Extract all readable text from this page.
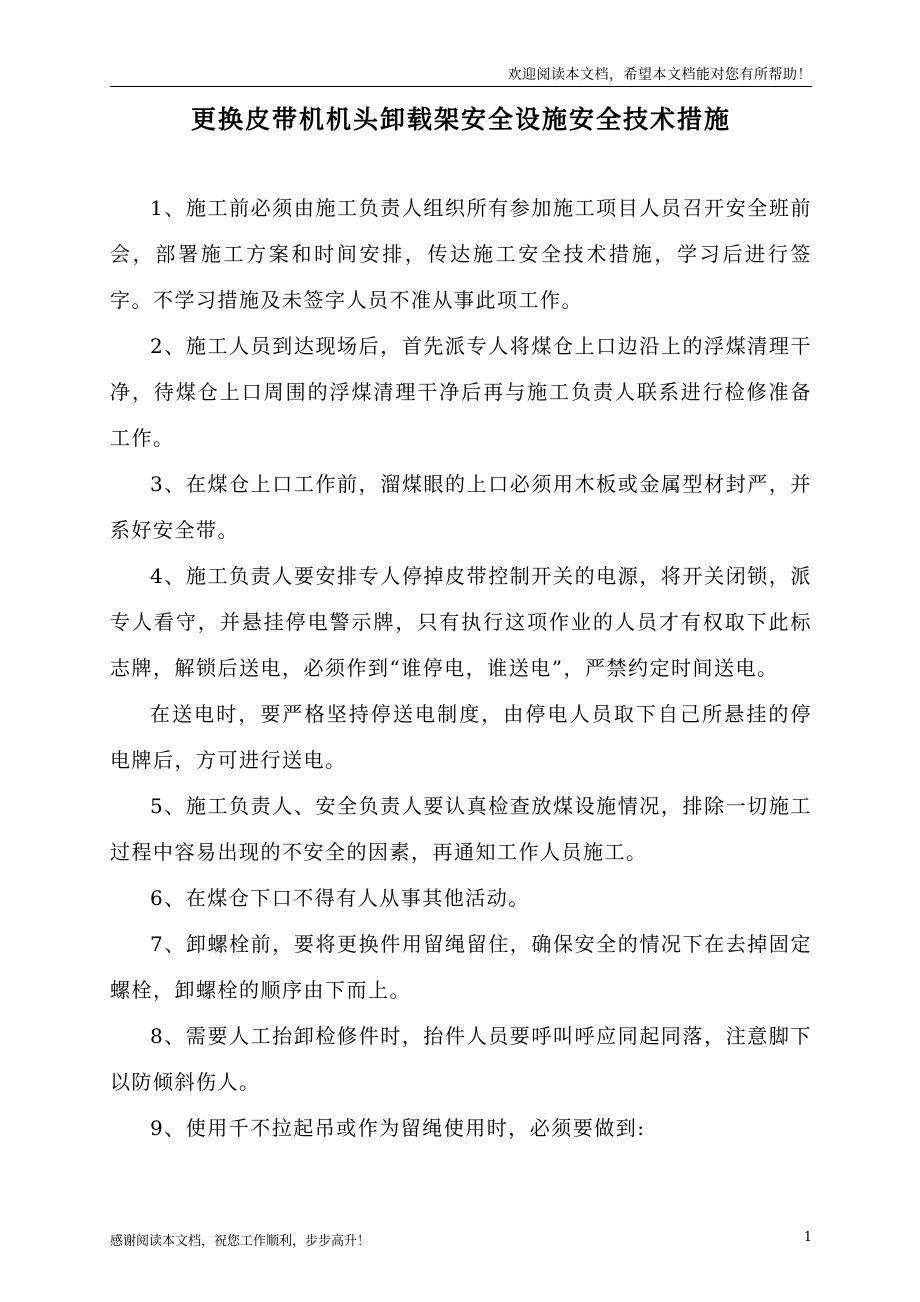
欢迎阅读本文档，希望本文档能对您有所帮助！
更换皮带机机头卸载架安全设施安全技术措施

1、施工前必须由施工负责人组织所有参加施工项目人员召开安全班前会，部署施工方案和时间安排，传达施工安全技术措施，学习后进行签字。不学习措施及未签字人员不准从事此项工作。

2、施工人员到达现场后，首先派专人将煤仓上口边沿上的浮煤清理干净，待煤仓上口周围的浮煤清理干净后再与施工负责人联系进行检修准备工作。

3、在煤仓上口工作前，溜煤眼的上口必须用木板或金属型材封严，并系好安全带。

4、施工负责人要安排专人停掉皮带控制开关的电源，将开关闭锁，派专人看守，并悬挂停电警示牌，只有执行这项作业的人员才有权取下此标志牌，解锁后送电，必须作到“谁停电，谁送电”，严禁约定时间送电。

在送电时，要严格坚持停送电制度，由停电人员取下自己所悬挂的停电牌后，方可进行送电。

5、施工负责人、安全负责人要认真检查放煤设施情况，排除一切施工过程中容易出现的不安全的因素，再通知工作人员施工。

6、在煤仓下口不得有人从事其他活动。

7、卸螺栓前，要将更换件用留绳留住，确保安全的情况下在去掉固定螺栓，卸螺栓的顺序由下而上。

8、需要人工抬卸检修件时，抬件人员要呼叫呼应同起同落，注意脚下以防倾斜伤人。

9、使用千不拉起吊或作为留绳使用时，必须要做到:

感谢阅读本文档，祝您工作顺利，步步高升！	1
